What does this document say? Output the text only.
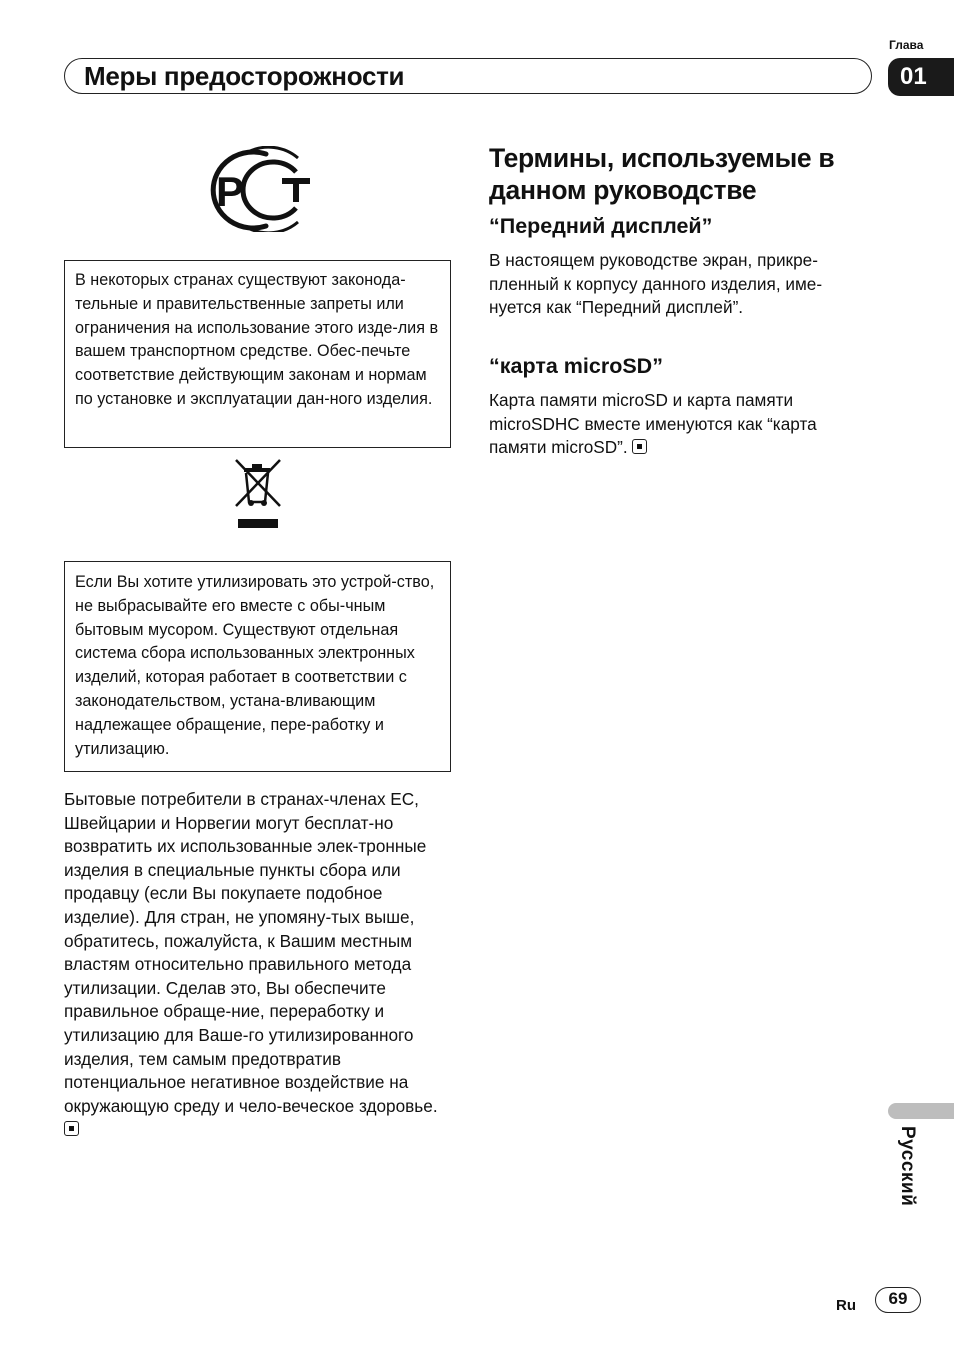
Глава
Меры предосторожности	01
P
В некоторых странах существуют законода-тельные и правительственные запреты или ограничения на использование этого изде-лия в вашем транспортном средстве. Обес-печьте соответствие действующим законам и нормам по установке и эксплуатации дан-ного изделия.
Если Вы хотите утилизировать это устрой-ство, не выбрасывайте его вместе с обы-чным бытовым мусором. Существуют отдельная система сбора использованных электронных изделий, которая работает в соответствии с законодательством, устана-вливающим надлежащее обращение, пере-работку и утилизацию.
Бытовые потребители в странах-членах ЕС, Швейцарии и Норвегии могут бесплат-но возвратить их использованные элек-тронные изделия в специальные пункты сбора или продавцу (если Вы покупаете подобное изделие). Для стран, не упомяну-тых выше, обратитесь, пожалуйста, к Вашим местным властям относительно правильного метода утилизации. Сделав это, Вы обеспечите правильное обраще-ние, переработку и утилизацию для Ваше-го утилизированного изделия, тем самым предотвратив потенциальное негативное воздействие на окружающую среду и чело-веческое здоровье.
Термины, используемые в данном руководстве
“Передний дисплей”
В настоящем руководстве экран, прикре-пленный к корпусу данного изделия, име-нуется как “Передний дисплей”.
“карта microSD”
Карта памяти microSD и карта памяти microSDHC вместе именуются как “карта памяти microSD”.
Русский
Ru	69
